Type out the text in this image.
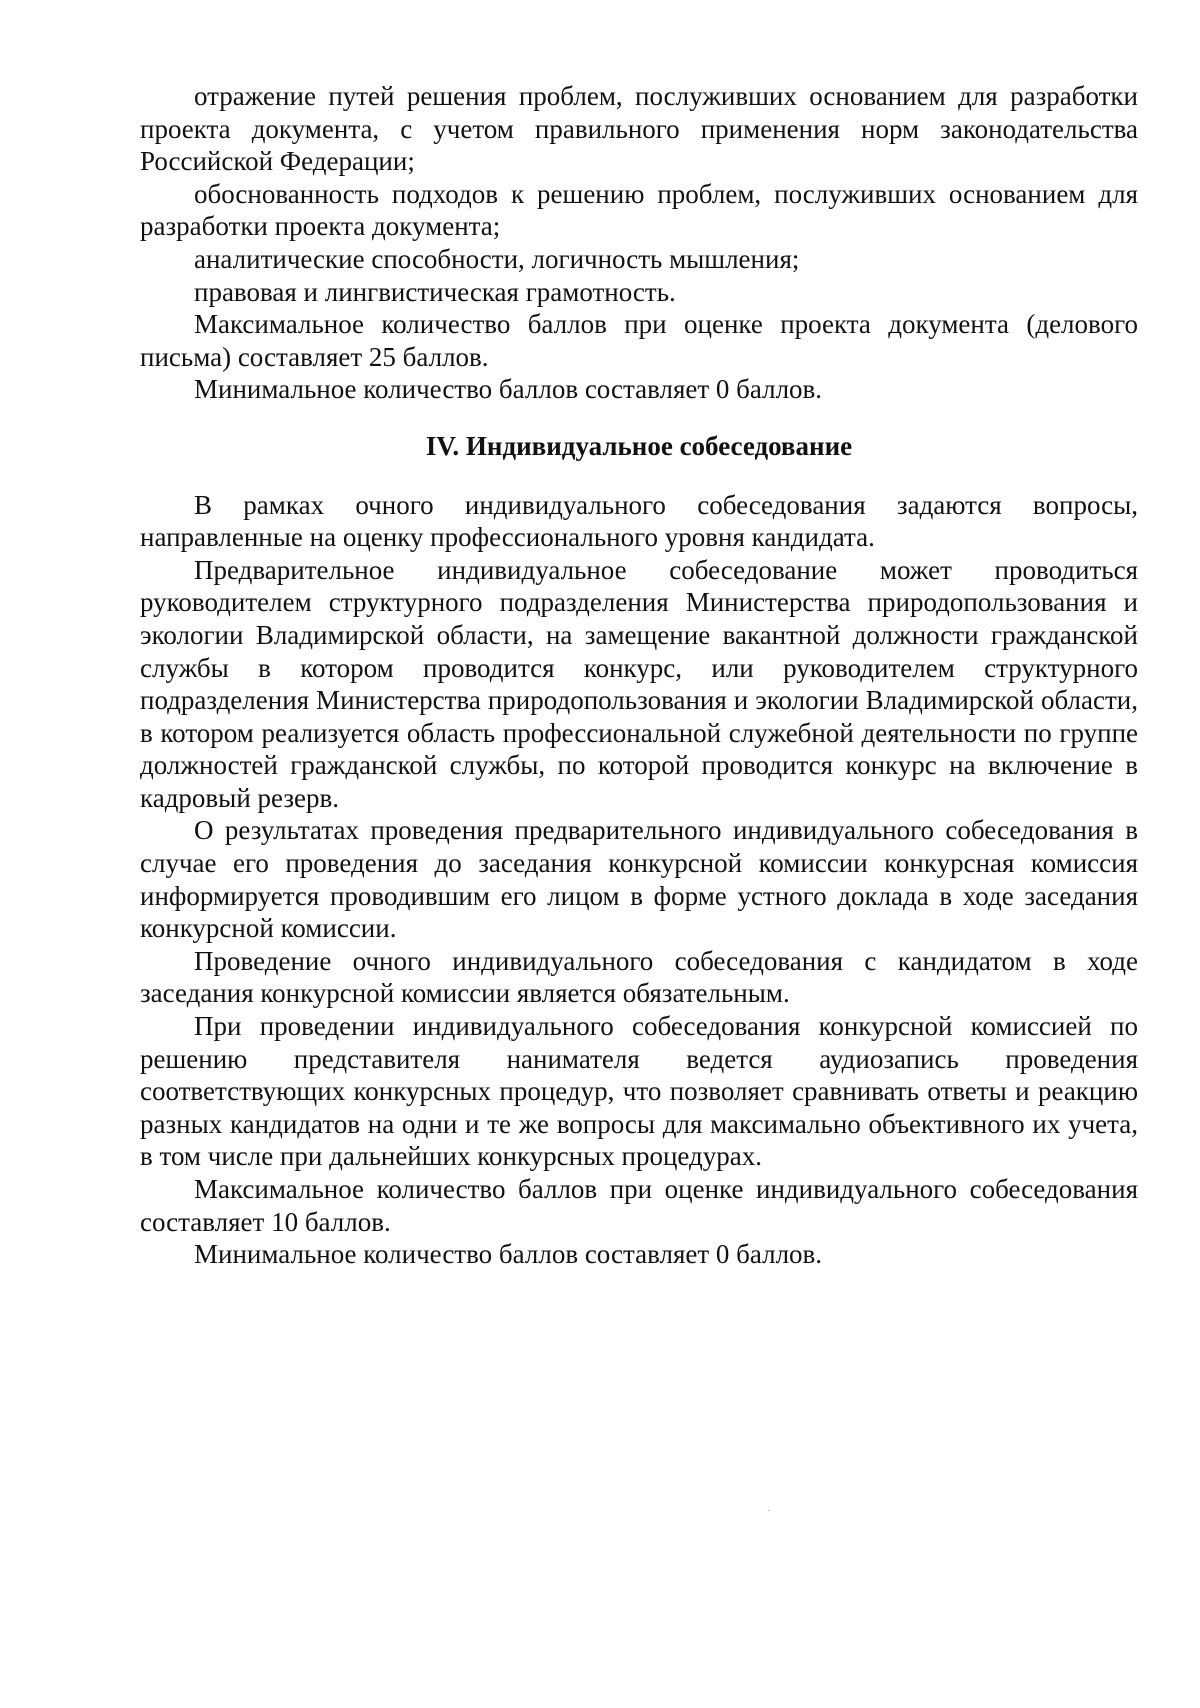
отражение путей решения проблем, послуживших основанием для разработки проекта документа, с учетом правильного применения норм законодательства Российской Федерации;

обоснованность подходов к решению проблем, послуживших основанием для разработки проекта документа;

аналитические способности, логичность мышления;

правовая и лингвистическая грамотность.

Максимальное количество баллов при оценке проекта документа (делового письма) составляет 25 баллов.

Минимальное количество баллов составляет 0 баллов.

IV. Индивидуальное собеседование

В рамках очного индивидуального собеседования задаются вопросы, направленные на оценку профессионального уровня кандидата.

Предварительное индивидуальное собеседование может проводиться руководителем структурного подразделения Министерства природопользования и экологии Владимирской области, на замещение вакантной должности гражданской службы в котором проводится конкурс, или руководителем структурного подразделения Министерства природопользования и экологии Владимирской области, в котором реализуется область профессиональной служебной деятельности по группе должностей гражданской службы, по которой проводится конкурс на включение в кадровый резерв.

О результатах проведения предварительного индивидуального собеседования в случае его проведения до заседания конкурсной комиссии конкурсная комиссия информируется проводившим его лицом в форме устного доклада в ходе заседания конкурсной комиссии.

Проведение очного индивидуального собеседования с кандидатом в ходе заседания конкурсной комиссии является обязательным.

При проведении индивидуального собеседования конкурсной комиссией по решению представителя нанимателя ведется аудиозапись проведения соответствующих конкурсных процедур, что позволяет сравнивать ответы и реакцию разных кандидатов на одни и те же вопросы для максимально объективного их учета, в том числе при дальнейших конкурсных процедурах.

Максимальное количество баллов при оценке индивидуального собеседования составляет 10 баллов.

Минимальное количество баллов составляет 0 баллов.
